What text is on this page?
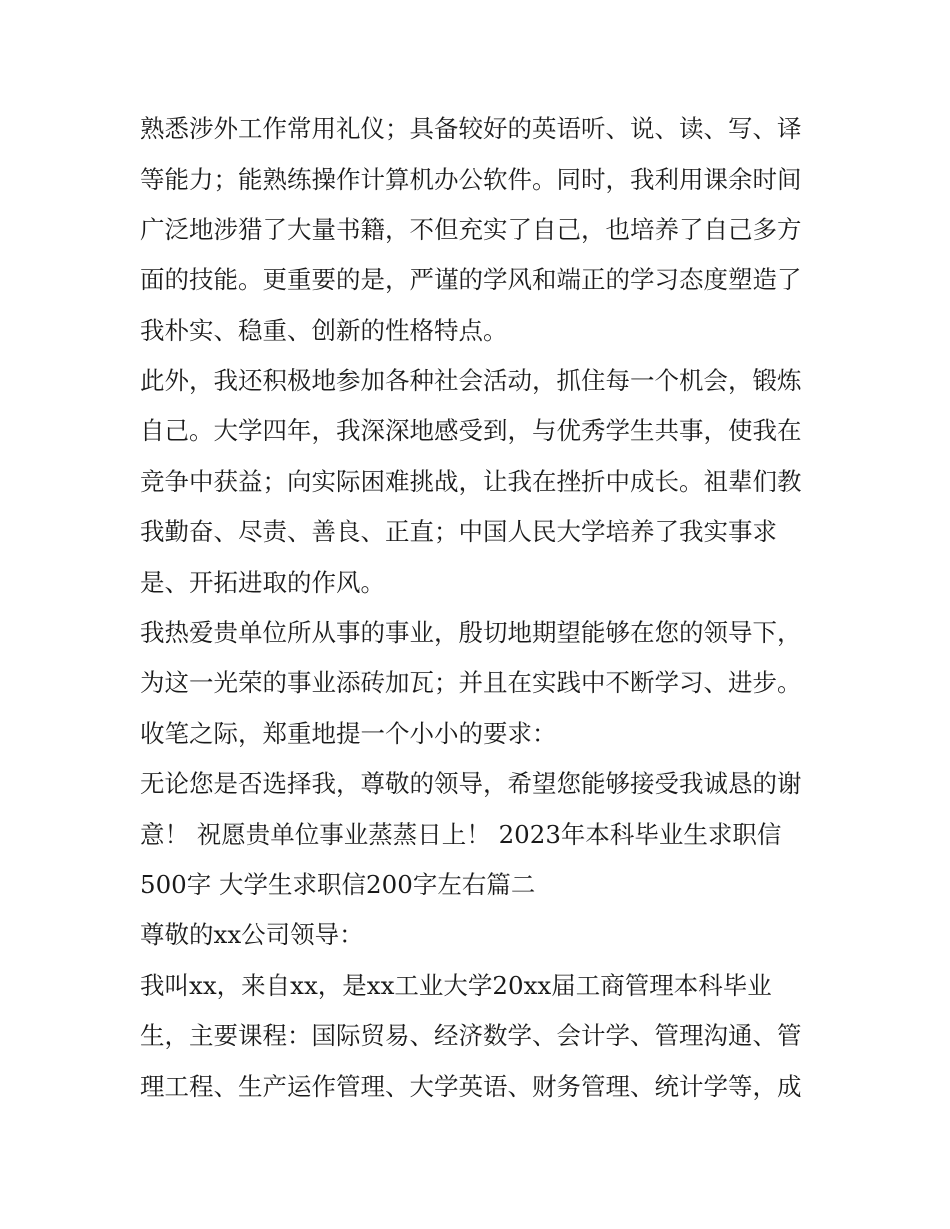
熟悉涉外工作常用礼仪；具备较好的英语听、说、读、写、译
等能力；能熟练操作计算机办公软件。同时，我利用课余时间
广泛地涉猎了大量书籍，不但充实了自己，也培养了自己多方
面的技能。更重要的是，严谨的学风和端正的学习态度塑造了
我朴实、稳重、创新的性格特点。
此外，我还积极地参加各种社会活动，抓住每一个机会，锻炼
自己。大学四年，我深深地感受到，与优秀学生共事，使我在
竞争中获益；向实际困难挑战，让我在挫折中成长。祖辈们教
我勤奋、尽责、善良、正直；中国人民大学培养了我实事求
是、开拓进取的作风。
我热爱贵单位所从事的事业，殷切地期望能够在您的领导下，
为这一光荣的事业添砖加瓦；并且在实践中不断学习、进步。
收笔之际，郑重地提一个小小的要求：
无论您是否选择我，尊敬的领导，希望您能够接受我诚恳的谢
意！ 祝愿贵单位事业蒸蒸日上！ 2023年本科毕业生求职信
500字 大学生求职信200字左右篇二
尊敬的xx公司领导：
我叫xx，来自xx，是xx工业大学20xx届工商管理本科毕业
生，主要课程：国际贸易、经济数学、会计学、管理沟通、管
理工程、生产运作管理、大学英语、财务管理、统计学等，成
